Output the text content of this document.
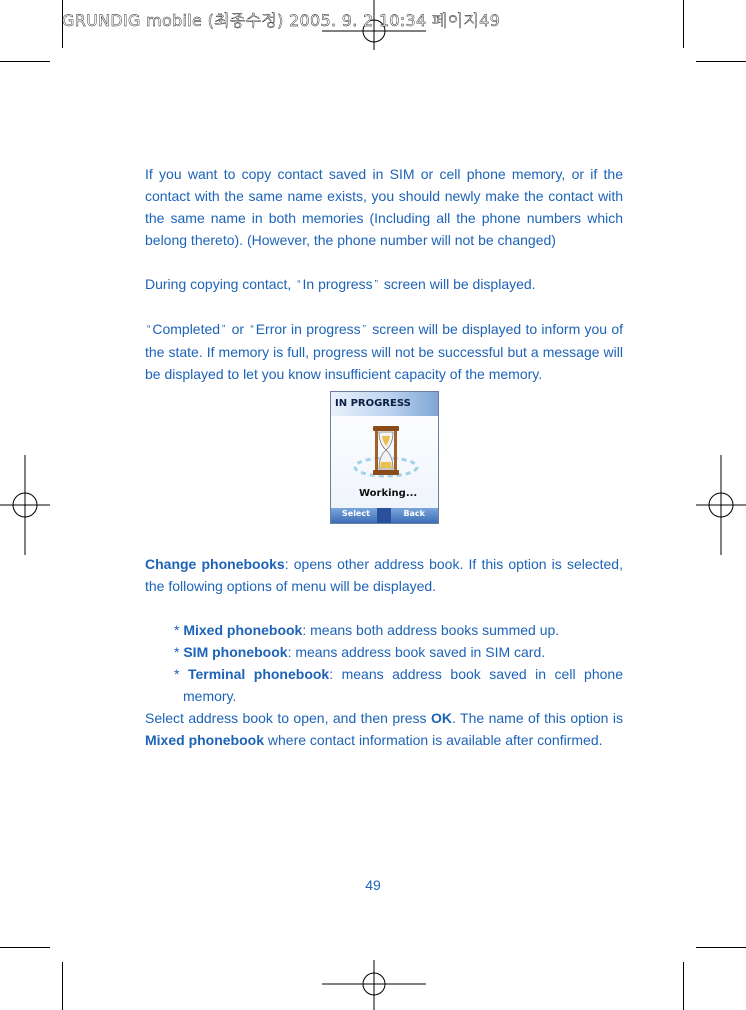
GRUNDIG mobile (최종수정) 2005. 9. 2 10:34 페이지49

If you want to copy contact saved in SIM or cell phone memory, or if the contact with the same name exists, you should newly make the contact with the same name in both memories (Including all the phone numbers which belong thereto). (However, the phone number will not be changed)

During copying contact, “ In progress ” screen will be displayed.

“ Completed ” or “ Error in progress ” screen will be displayed to inform you of the state. If memory is full, progress will not be successful but a message will be displayed to let you know insufficient capacity of the memory.

IN PROGRESS
Working...
Select	Back

Change phonebooks: opens other address book. If this option is selected, the following options of menu will be displayed.

* Mixed phonebook: means both address books summed up.

* SIM phonebook: means address book saved in SIM card.

* Terminal phonebook: means address book saved in cell phone memory.

Select address book to open, and then press OK. The name of this option is Mixed phonebook where contact information is available after confirmed.

49
